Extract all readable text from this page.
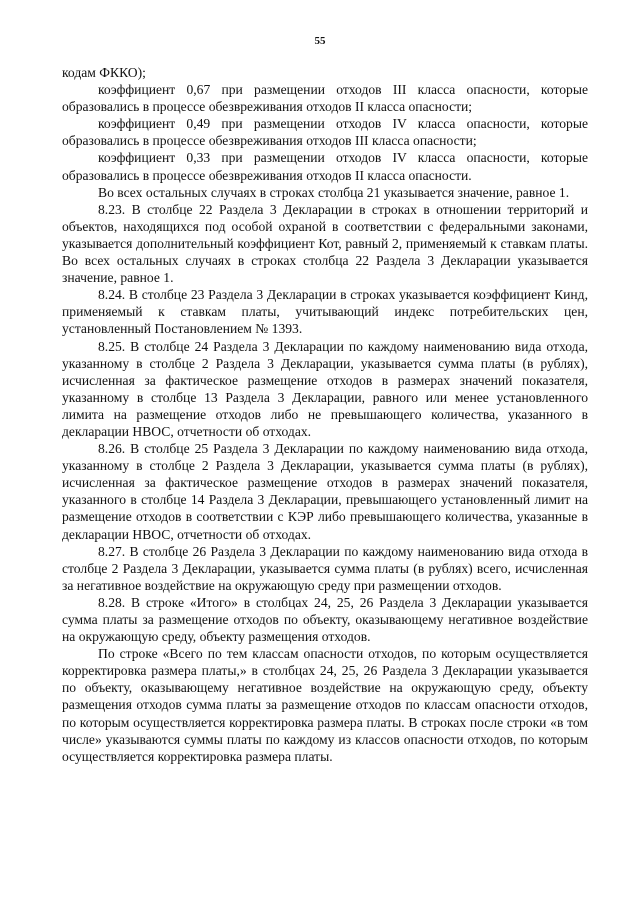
55

кодам ФККО);

коэффициент 0,67 при размещении отходов III класса опасности, которые образовались в процессе обезвреживания отходов II класса опасности;

коэффициент 0,49 при размещении отходов IV класса опасности, которые образовались в процессе обезвреживания отходов III класса опасности;

коэффициент 0,33 при размещении отходов IV класса опасности, которые образовались в процессе обезвреживания отходов II класса опасности.

Во всех остальных случаях в строках столбца 21 указывается значение, равное 1.

8.23. В столбце 22 Раздела 3 Декларации в строках в отношении территорий и объектов, находящихся под особой охраной в соответствии с федеральными законами, указывается дополнительный коэффициент Кот, равный 2, применяемый к ставкам платы. Во всех остальных случаях в строках столбца 22 Раздела 3 Декларации указывается значение, равное 1.

8.24. В столбце 23 Раздела 3 Декларации в строках указывается коэффициент Кинд, применяемый к ставкам платы, учитывающий индекс потребительских цен, установленный Постановлением № 1393.

8.25. В столбце 24 Раздела 3 Декларации по каждому наименованию вида отхода, указанному в столбце 2 Раздела 3 Декларации, указывается сумма платы (в рублях), исчисленная за фактическое размещение отходов в размерах значений показателя, указанному в столбце 13 Раздела 3 Декларации, равного или менее установленного лимита на размещение отходов либо не превышающего количества, указанного в декларации НВОС, отчетности об отходах.

8.26. В столбце 25 Раздела 3 Декларации по каждому наименованию вида отхода, указанному в столбце 2 Раздела 3 Декларации, указывается сумма платы (в рублях), исчисленная за фактическое размещение отходов в размерах значений показателя, указанного в столбце 14 Раздела 3 Декларации, превышающего установленный лимит на размещение отходов в соответствии с КЭР либо превышающего количества, указанные в декларации НВОС, отчетности об отходах.

8.27. В столбце 26 Раздела 3 Декларации по каждому наименованию вида отхода в столбце 2 Раздела 3 Декларации, указывается сумма платы (в рублях) всего, исчисленная за негативное воздействие на окружающую среду при размещении отходов.

8.28. В строке «Итого» в столбцах 24, 25, 26 Раздела 3 Декларации указывается сумма платы за размещение отходов по объекту, оказывающему негативное воздействие на окружающую среду, объекту размещения отходов.

По строке «Всего по тем классам опасности отходов, по которым осуществляется корректировка размера платы,» в столбцах 24, 25, 26 Раздела 3 Декларации указывается по объекту, оказывающему негативное воздействие на окружающую среду, объекту размещения отходов сумма платы за размещение отходов по классам опасности отходов, по которым осуществляется корректировка размера платы. В строках после строки «в том числе» указываются суммы платы по каждому из классов опасности отходов, по которым осуществляется корректировка размера платы.
